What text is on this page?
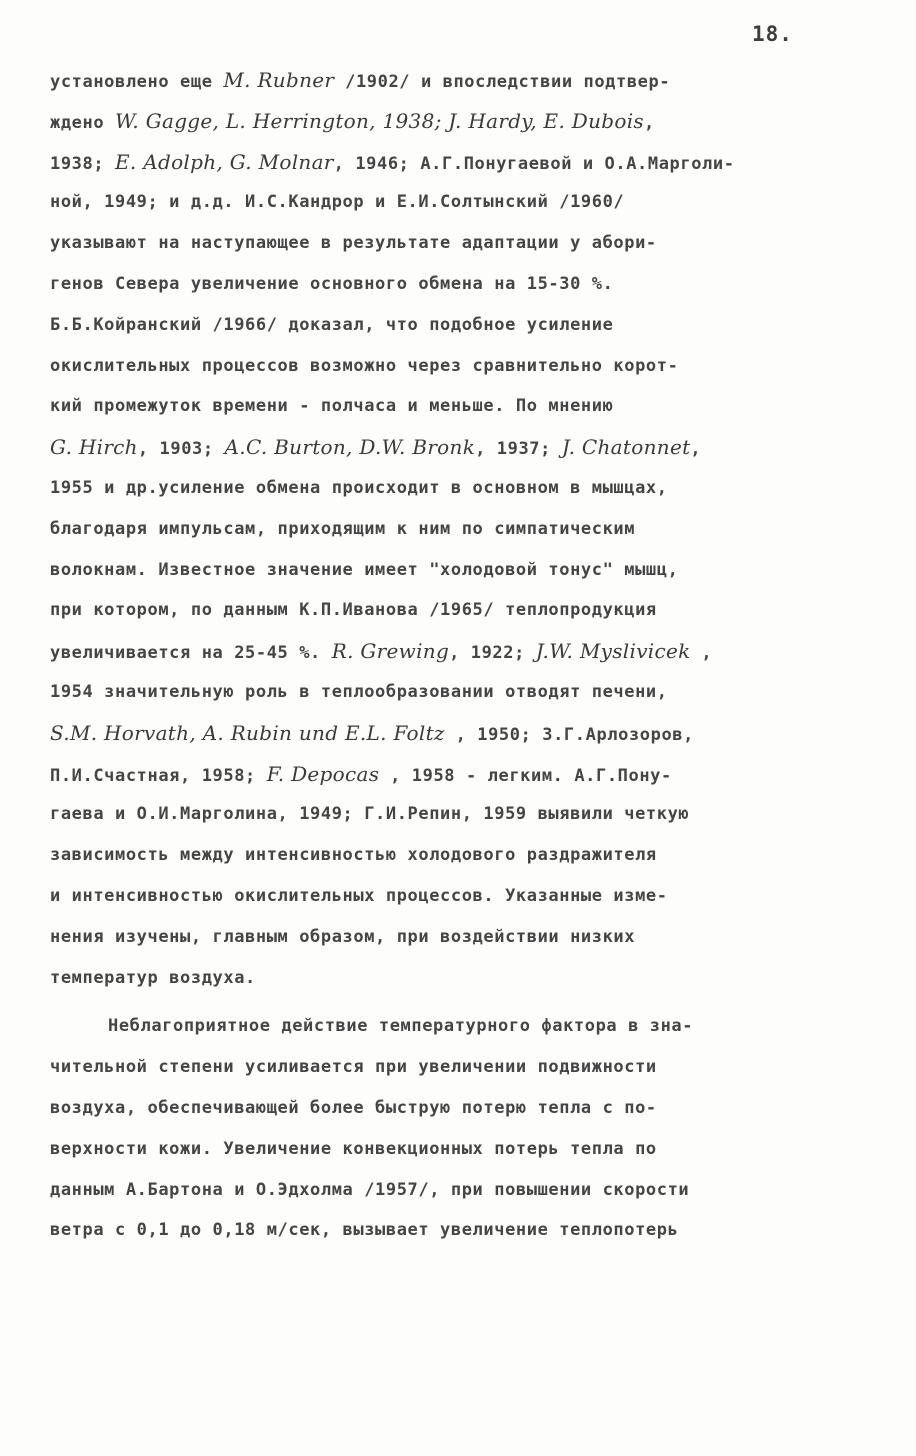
18.
установлено еще M. Rubner /1902/ и впоследствии подтвер-
ждено W. Gagge, L. Herrington, 1938; J. Hardy, E. Dubois,
1938; E. Adolph, G. Molnar, 1946; А.Г.Понугаевой и О.А.Марголи-
ной, 1949; и д.д. И.С.Кандрор и Е.И.Солтынский /1960/
указывают на наступающее в результате адаптации у абори-
генов Севера увеличение основного обмена на 15-30 %.
Б.Б.Койранский /1966/ доказал, что подобное усиление
окислительных процессов возможно через сравнительно корот-
кий промежуток времени - полчаса и меньше. По мнению
G. Hirch, 1903; A.C. Burton, D.W. Bronk, 1937; J. Chatonnet,
1955 и др.усиление обмена происходит в основном в мышцах,
благодаря импульсам, приходящим к ним по симпатическим
волокнам. Известное значение имеет "холодовой тонус" мышц,
при котором, по данным К.П.Иванова /1965/ теплопродукция
увеличивается на 25-45 %. R. Grewing, 1922; J.W. Myslivicek ,
1954 значительную роль в теплообразовании отводят печени,
S.M. Horvath, A. Rubin und E.L. Foltz , 1950; З.Г.Арлозоров,
П.И.Счастная, 1958; F. Depocas , 1958 - легким. А.Г.Пону-
гаева и О.И.Марголина, 1949; Г.И.Репин, 1959 выявили четкую
зависимость между интенсивностью холодового раздражителя
и интенсивностью окислительных процессов. Указанные изме-
нения изучены, главным образом, при воздействии низких
температур воздуха.
Неблагоприятное действие температурного фактора в зна-
чительной степени усиливается при увеличении подвижности
воздуха, обеспечивающей более быструю потерю тепла с по-
верхности кожи. Увеличение конвекционных потерь тепла по
данным А.Бартона и О.Эдхолма /1957/, при повышении скорости
ветра с 0,1 до 0,18 м/сек, вызывает увеличение теплопотерь
